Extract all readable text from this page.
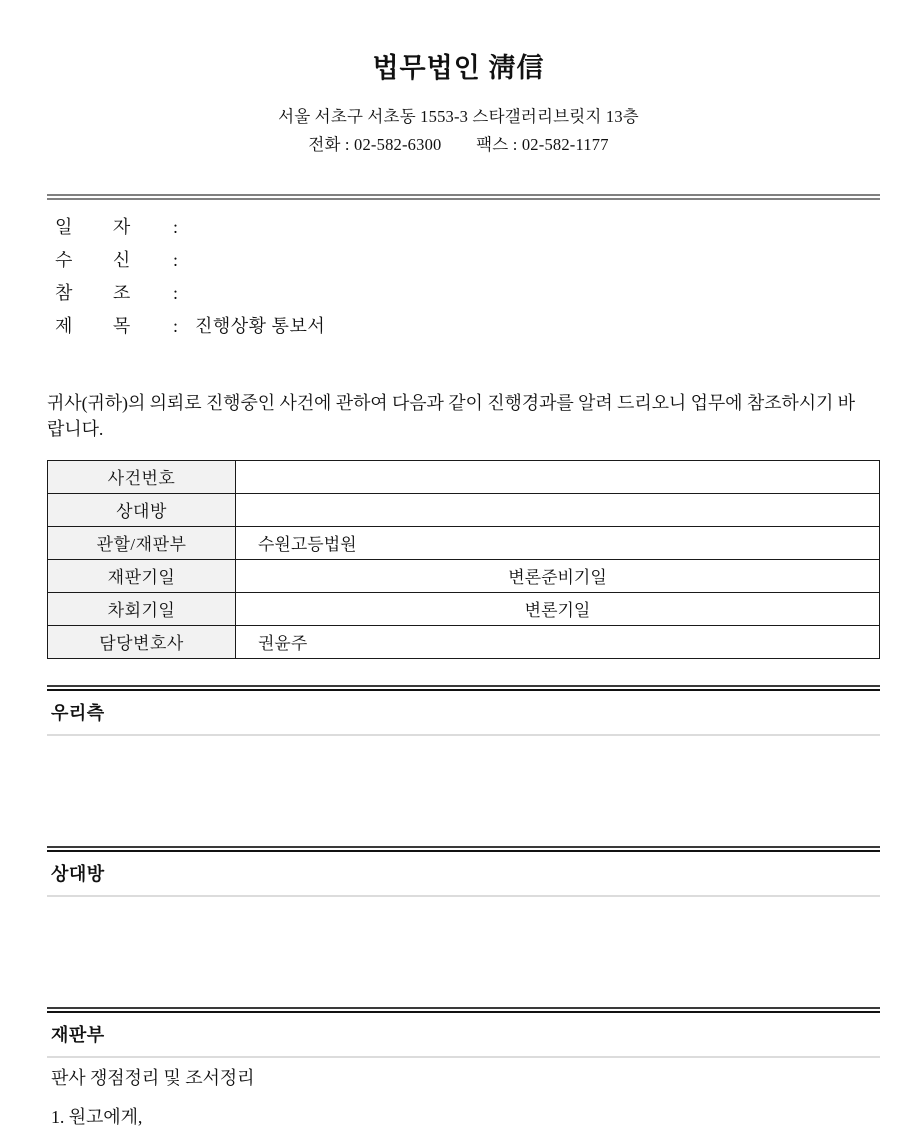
법무법인 淸信
서울 서초구 서초동 1553-3 스타갤러리브릿지 13층
전화 : 02-582-6300 팩스 : 02-582-1177
일        자	:
수        신	:
참        조	:
제        목	: 진행상황 통보서
귀사(귀하)의 의뢰로 진행중인 사건에 관하여 다음과 같이 진행경과를 알려 드리오니 업무에 참조하시기 바랍니다.
사건번호	
상대방	
관할/재판부	수원고등법원
재판기일	변론준비기일
차회기일	변론기일
담당변호사	권윤주
우리측
상대방
재판부

판사 쟁점정리 및 조서정리

1. 원고에게,
